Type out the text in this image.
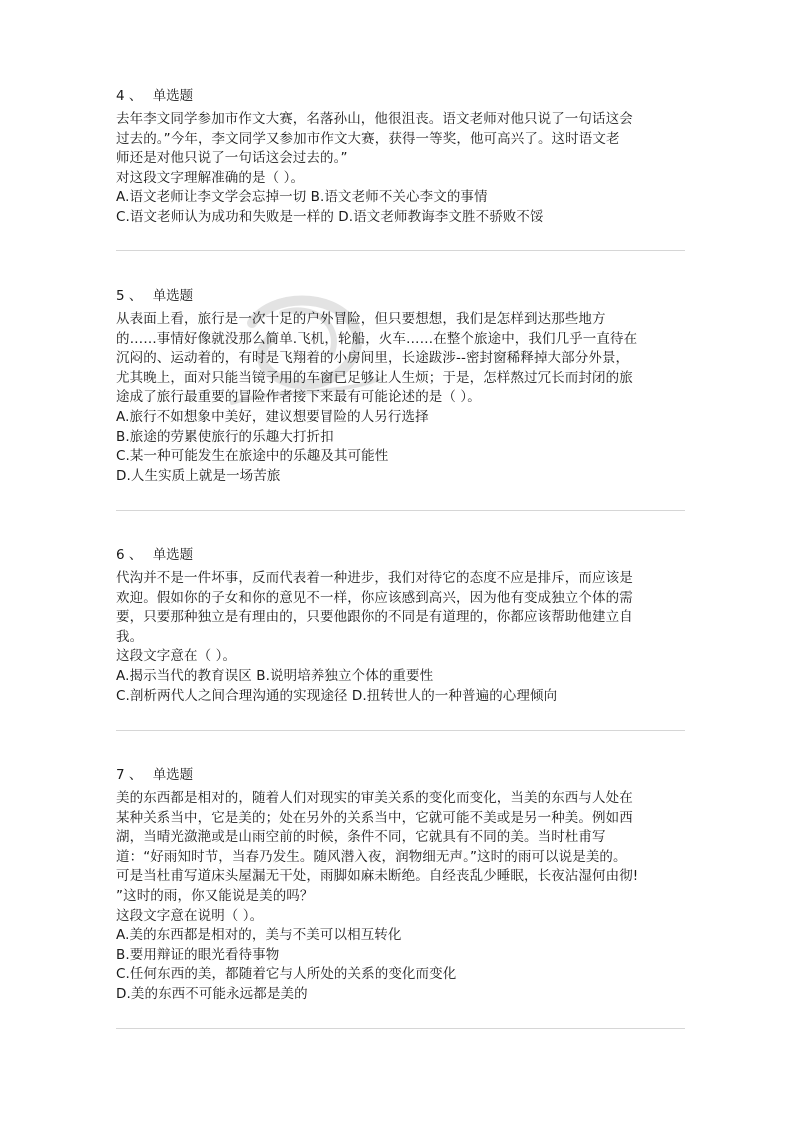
4 、 单选题
去年李文同学参加市作文大赛，名落孙山，他很沮丧。语文老师对他只说了一句话这会
过去的。”今年，李文同学又参加市作文大赛，获得一等奖，他可高兴了。这时语文老
师还是对他只说了一句话这会过去的。”
对这段文字理解准确的是（ ）。
A.语文老师让李文学会忘掉一切 B.语文老师不关心李文的事情
C.语文老师认为成功和失败是一样的 D.语文老师教诲李文胜不骄败不馁
5 、 单选题
从表面上看，旅行是一次十足的户外冒险，但只要想想，我们是怎样到达那些地方
的……事情好像就没那么简单.飞机，轮船，火车……在整个旅途中，我们几乎一直待在
沉闷的、运动着的，有时是飞翔着的小房间里，长途跋涉--密封窗稀释掉大部分外景，
尤其晚上，面对只能当镜子用的车窗已足够让人生烦；于是，怎样熬过冗长而封闭的旅
途成了旅行最重要的冒险作者接下来最有可能论述的是（ ）。
A.旅行不如想象中美好，建议想要冒险的人另行选择
B.旅途的劳累使旅行的乐趣大打折扣
C.某一种可能发生在旅途中的乐趣及其可能性
D.人生实质上就是一场苦旅
6 、 单选题
代沟并不是一件坏事，反而代表着一种进步，我们对待它的态度不应是排斥，而应该是
欢迎。假如你的子女和你的意见不一样，你应该感到高兴，因为他有变成独立个体的需
要，只要那种独立是有理由的，只要他跟你的不同是有道理的，你都应该帮助他建立自
我。
这段文字意在（ ）。
A.揭示当代的教育误区 B.说明培养独立个体的重要性
C.剖析两代人之间合理沟通的实现途径 D.扭转世人的一种普遍的心理倾向
7 、 单选题
美的东西都是相对的，随着人们对现实的审美关系的变化而变化，当美的东西与人处在
某种关系当中，它是美的；处在另外的关系当中，它就可能不美或是另一种美。例如西
湖，当晴光潋滟或是山雨空前的时候，条件不同，它就具有不同的美。当时杜甫写
道：“好雨知时节，当春乃发生。随风潜入夜，润物细无声。”这时的雨可以说是美的。
可是当杜甫写道床头屋漏无干处，雨脚如麻未断绝。自经丧乱少睡眠，长夜沾湿何由彻!
”这时的雨，你又能说是美的吗？
这段文字意在说明（ ）。
A.美的东西都是相对的，美与不美可以相互转化
B.要用辩证的眼光看待事物
C.任何东西的美，都随着它与人所处的关系的变化而变化
D.美的东西不可能永远都是美的
